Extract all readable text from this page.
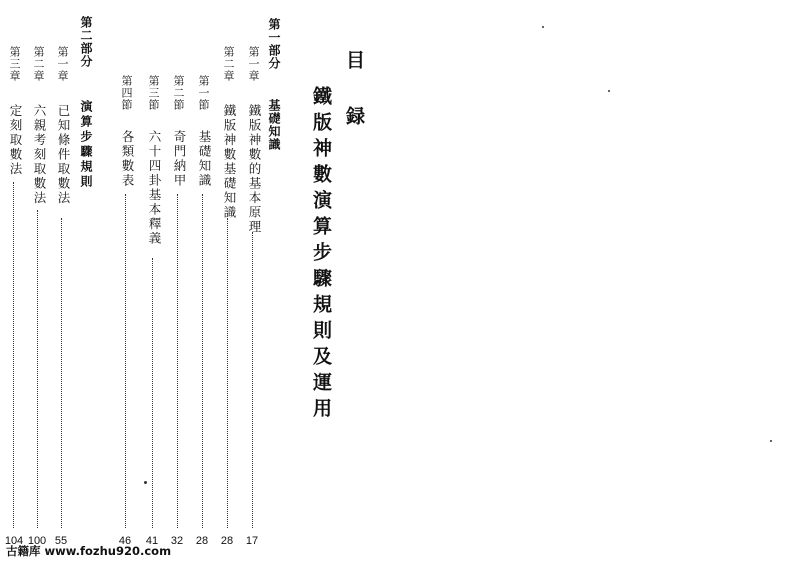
目
録
鐵版神數演算步驟規則及運用
第一部分
基礎知識
第一章
鐵版神數的基本原理
17
第二章
鐵版神數基礎知識
28
第一節
基礎知識
28
第二節
奇門納甲
32
第三節
六十四卦基本釋義
41
第四節
各類數表
46
第二部分
演算步驟規則
第一章
已知條件取數法
55
第二章
六親考刻取數法
100
第三章
定刻取數法
104
古籍库 www.fozhu920.com
